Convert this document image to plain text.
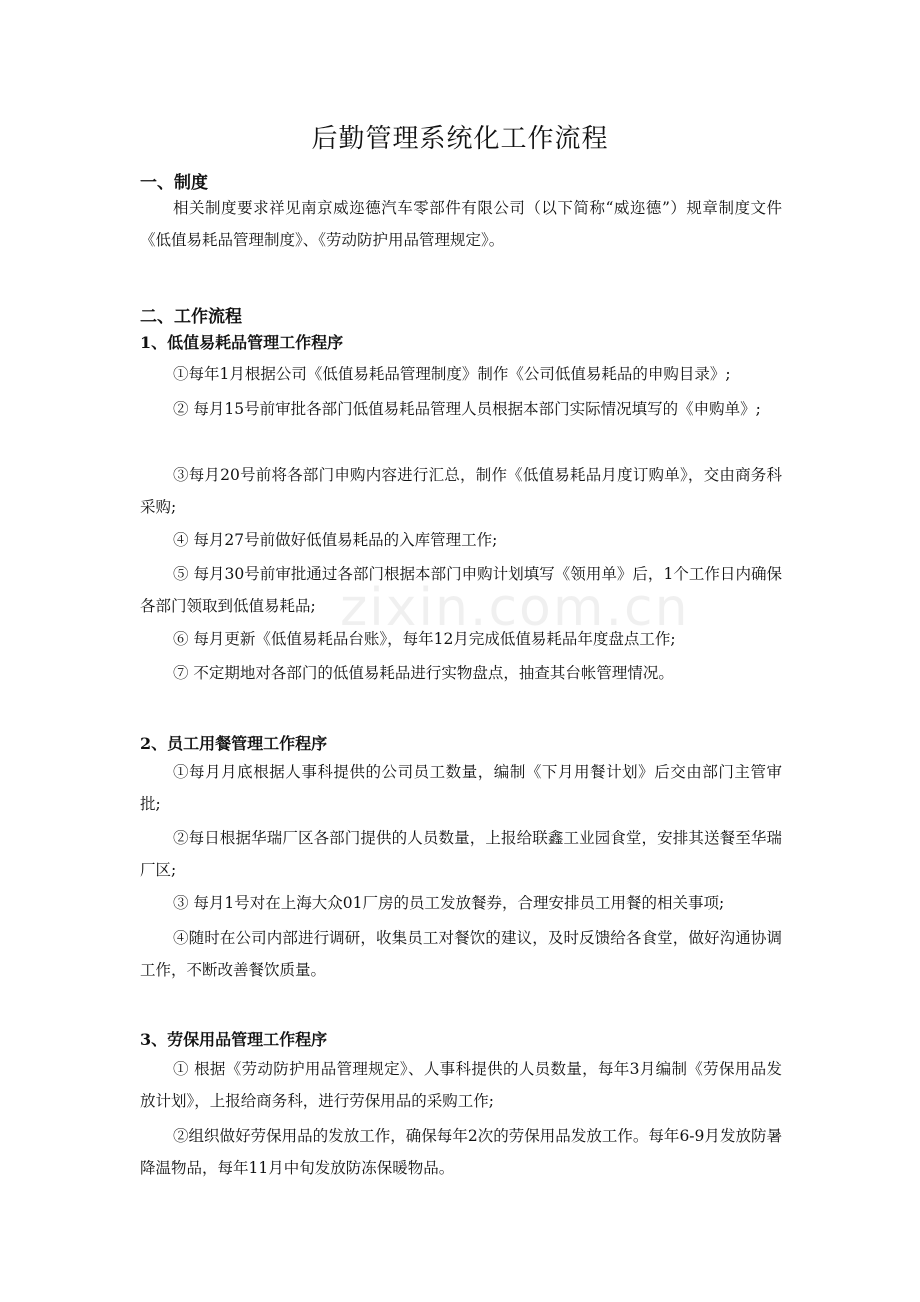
zixin.com.cn
后勤管理系统化工作流程
一、制度

相关制度要求祥见南京威迩德汽车零部件有限公司（以下简称“威迩德”）规章制度文件《低值易耗品管理制度》、《劳动防护用品管理规定》。

二、工作流程
1、低值易耗品管理工作程序

①每年1月根据公司《低值易耗品管理制度》制作《公司低值易耗品的申购目录》;

② 每月15号前审批各部门低值易耗品管理人员根据本部门实际情况填写的《申购单》;

③每月20号前将各部门申购内容进行汇总，制作《低值易耗品月度订购单》，交由商务科采购;

④ 每月27号前做好低值易耗品的入库管理工作;

⑤ 每月30号前审批通过各部门根据本部门申购计划填写《领用单》后，1个工作日内确保各部门领取到低值易耗品;

⑥ 每月更新《低值易耗品台账》，每年12月完成低值易耗品年度盘点工作;

⑦ 不定期地对各部门的低值易耗品进行实物盘点，抽查其台帐管理情况。

2、员工用餐管理工作程序

①每月月底根据人事科提供的公司员工数量，编制《下月用餐计划》后交由部门主管审批;

②每日根据华瑞厂区各部门提供的人员数量，上报给联鑫工业园食堂，安排其送餐至华瑞厂区;

③ 每月1号对在上海大众01厂房的员工发放餐券，合理安排员工用餐的相关事项;

④随时在公司内部进行调研，收集员工对餐饮的建议，及时反馈给各食堂，做好沟通协调工作，不断改善餐饮质量。

3、劳保用品管理工作程序

① 根据《劳动防护用品管理规定》、人事科提供的人员数量，每年3月编制《劳保用品发放计划》，上报给商务科，进行劳保用品的采购工作;

②组织做好劳保用品的发放工作，确保每年2次的劳保用品发放工作。每年6-9月发放防暑降温物品，每年11月中旬发放防冻保暖物品。
